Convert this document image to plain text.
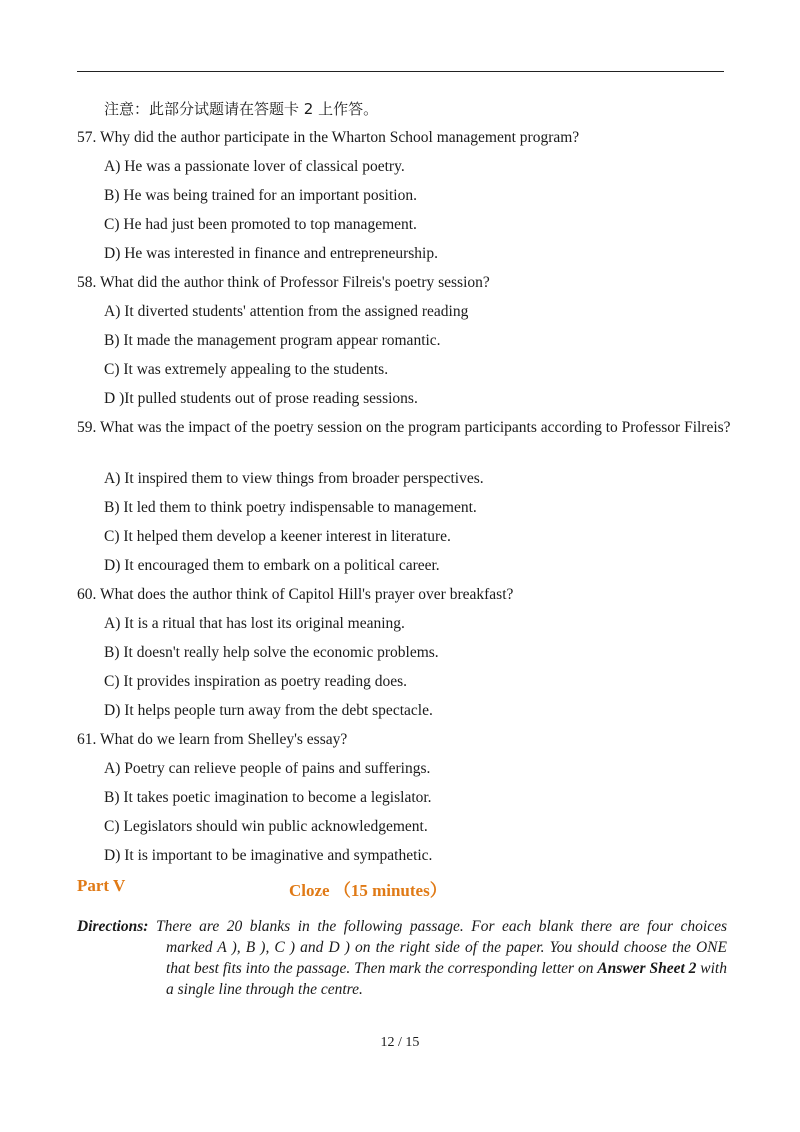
注意：此部分试题请在答题卡 2 上作答。
57. Why did the author participate in the Wharton School management program?
A) He was a passionate lover of classical poetry.
B) He was being trained for an important position.
C) He had just been promoted to top management.
D) He was interested in finance and entrepreneurship.
58. What did the author think of Professor Filreis's poetry session?
A) It diverted students' attention from the assigned reading
B) It made the management program appear romantic.
C) It was extremely appealing to the students.
D )It pulled students out of prose reading sessions.
59. What was the impact of the poetry session on the program participants according to Professor Filreis?
A) It inspired them to view things from broader perspectives.
B) It led them to think poetry indispensable to management.
C) It helped them develop a keener interest in literature.
D) It encouraged them to embark on a political career.
60. What does the author think of Capitol Hill's prayer over breakfast?
A) It is a ritual that has lost its original meaning.
B) It doesn't really help solve the economic problems.
C) It provides inspiration as poetry reading does.
D) It helps people turn away from the debt spectacle.
61. What do we learn from Shelley's essay?
A) Poetry can relieve people of pains and sufferings.
B) It takes poetic imagination to become a legislator.
C) Legislators should win public acknowledgement.
D) It is important to be imaginative and sympathetic.
Part V	Cloze （15 minutes）
Directions: There are 20 blanks in the following passage. For each blank there are four choices
marked A ), B ), C ) and D ) on the right side of the paper. You should choose the ONE that best fits into the passage. Then mark the corresponding letter on Answer Sheet 2 with a single line through the centre.
12 / 15
